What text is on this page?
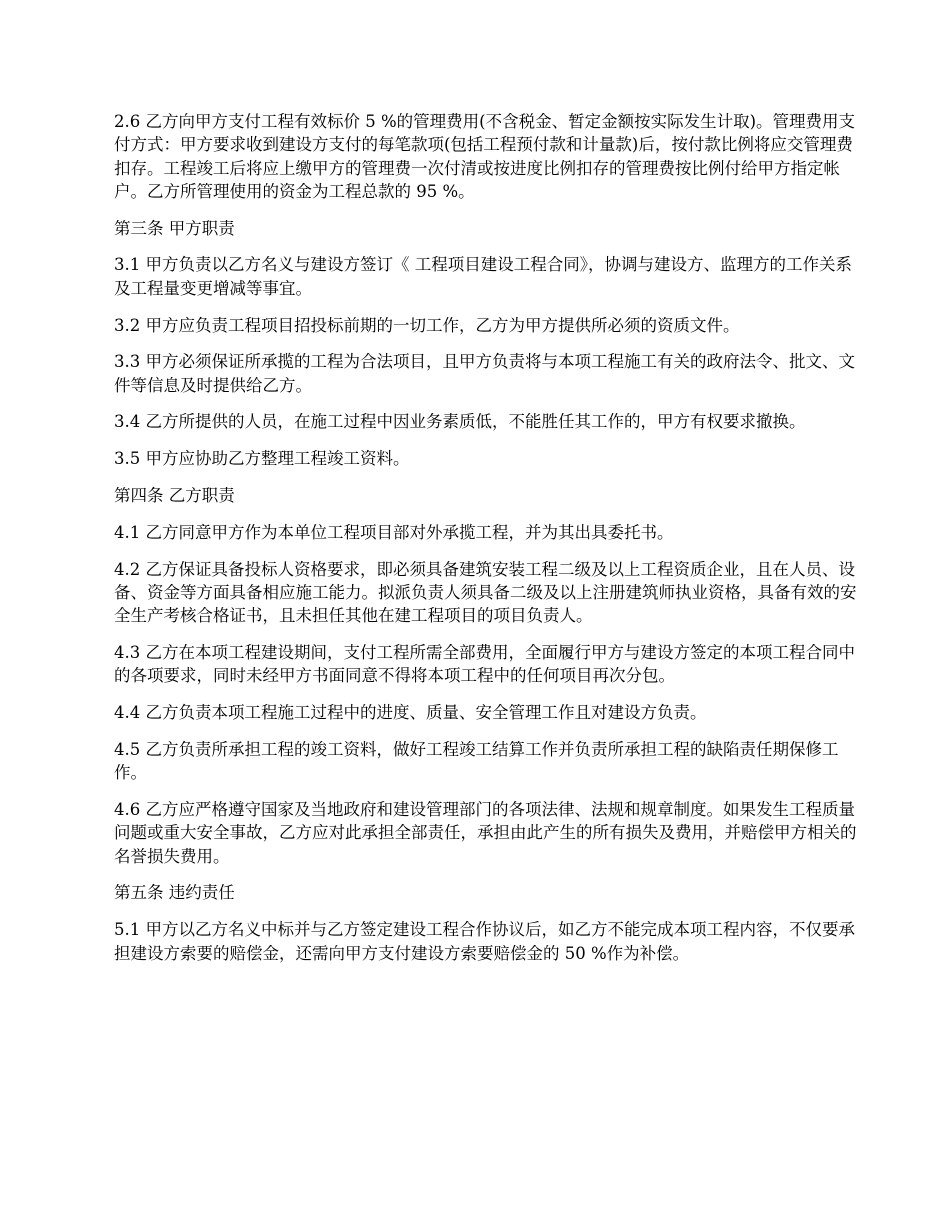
2.6 乙方向甲方支付工程有效标价 5 %的管理费用(不含税金、暂定金额按实际发生计取)。管理费用支付方式：甲方要求收到建设方支付的每笔款项(包括工程预付款和计量款)后，按付款比例将应交管理费扣存。工程竣工后将应上缴甲方的管理费一次付清或按进度比例扣存的管理费按比例付给甲方指定帐户。乙方所管理使用的资金为工程总款的 95 %。

第三条 甲方职责

3.1 甲方负责以乙方名义与建设方签订《 工程项目建设工程合同》，协调与建设方、监理方的工作关系及工程量变更增减等事宜。

3.2 甲方应负责工程项目招投标前期的一切工作，乙方为甲方提供所必须的资质文件。

3.3 甲方必须保证所承揽的工程为合法项目，且甲方负责将与本项工程施工有关的政府法令、批文、文件等信息及时提供给乙方。

3.4 乙方所提供的人员，在施工过程中因业务素质低，不能胜任其工作的，甲方有权要求撤换。

3.5 甲方应协助乙方整理工程竣工资料。

第四条 乙方职责

4.1 乙方同意甲方作为本单位工程项目部对外承揽工程，并为其出具委托书。

4.2 乙方保证具备投标人资格要求，即必须具备建筑安装工程二级及以上工程资质企业，且在人员、设备、资金等方面具备相应施工能力。拟派负责人须具备二级及以上注册建筑师执业资格，具备有效的安全生产考核合格证书，且未担任其他在建工程项目的项目负责人。

4.3 乙方在本项工程建设期间，支付工程所需全部费用，全面履行甲方与建设方签定的本项工程合同中的各项要求，同时未经甲方书面同意不得将本项工程中的任何项目再次分包。

4.4 乙方负责本项工程施工过程中的进度、质量、安全管理工作且对建设方负责。

4.5 乙方负责所承担工程的竣工资料，做好工程竣工结算工作并负责所承担工程的缺陷责任期保修工作。

4.6 乙方应严格遵守国家及当地政府和建设管理部门的各项法律、法规和规章制度。如果发生工程质量问题或重大安全事故，乙方应对此承担全部责任，承担由此产生的所有损失及费用，并赔偿甲方相关的名誉损失费用。

第五条 违约责任

5.1 甲方以乙方名义中标并与乙方签定建设工程合作协议后，如乙方不能完成本项工程内容，不仅要承担建设方索要的赔偿金，还需向甲方支付建设方索要赔偿金的 50 %作为补偿。
